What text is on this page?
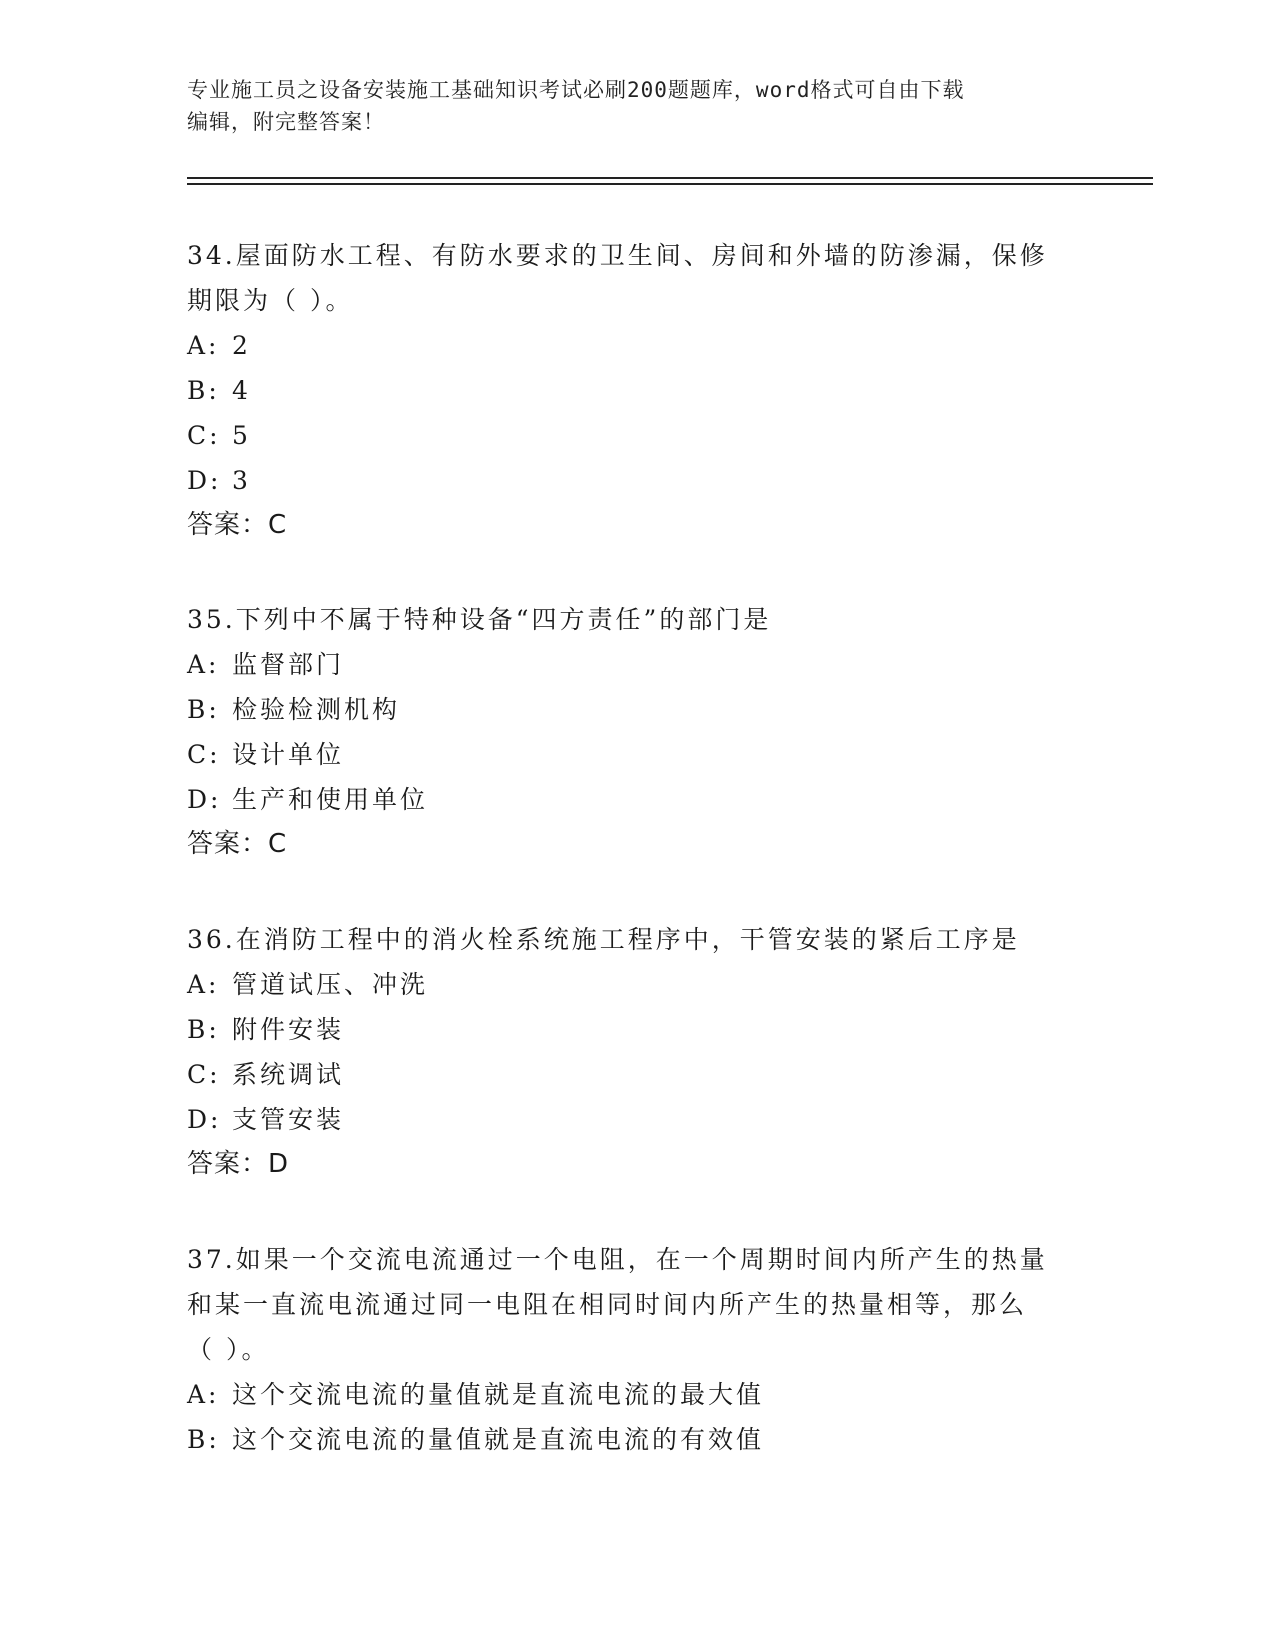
专业施工员之设备安装施工基础知识考试必刷200题题库，word格式可自由下载
编辑，附完整答案！

34.屋面防水工程、有防水要求的卫生间、房间和外墙的防渗漏，保修

期限为（ ）。

A: 2
B: 4
C: 5
D: 3
答案：C

35.下列中不属于特种设备“四方责任”的部门是

A: 监督部门
B: 检验检测机构
C: 设计单位
D: 生产和使用单位
答案：C

36.在消防工程中的消火栓系统施工程序中，干管安装的紧后工序是

A: 管道试压、冲洗
B: 附件安装
C: 系统调试
D: 支管安装
答案：D

37.如果一个交流电流通过一个电阻，在一个周期时间内所产生的热量

和某一直流电流通过同一电阻在相同时间内所产生的热量相等，那么

（ ）。

A: 这个交流电流的量值就是直流电流的最大值
B: 这个交流电流的量值就是直流电流的有效值
